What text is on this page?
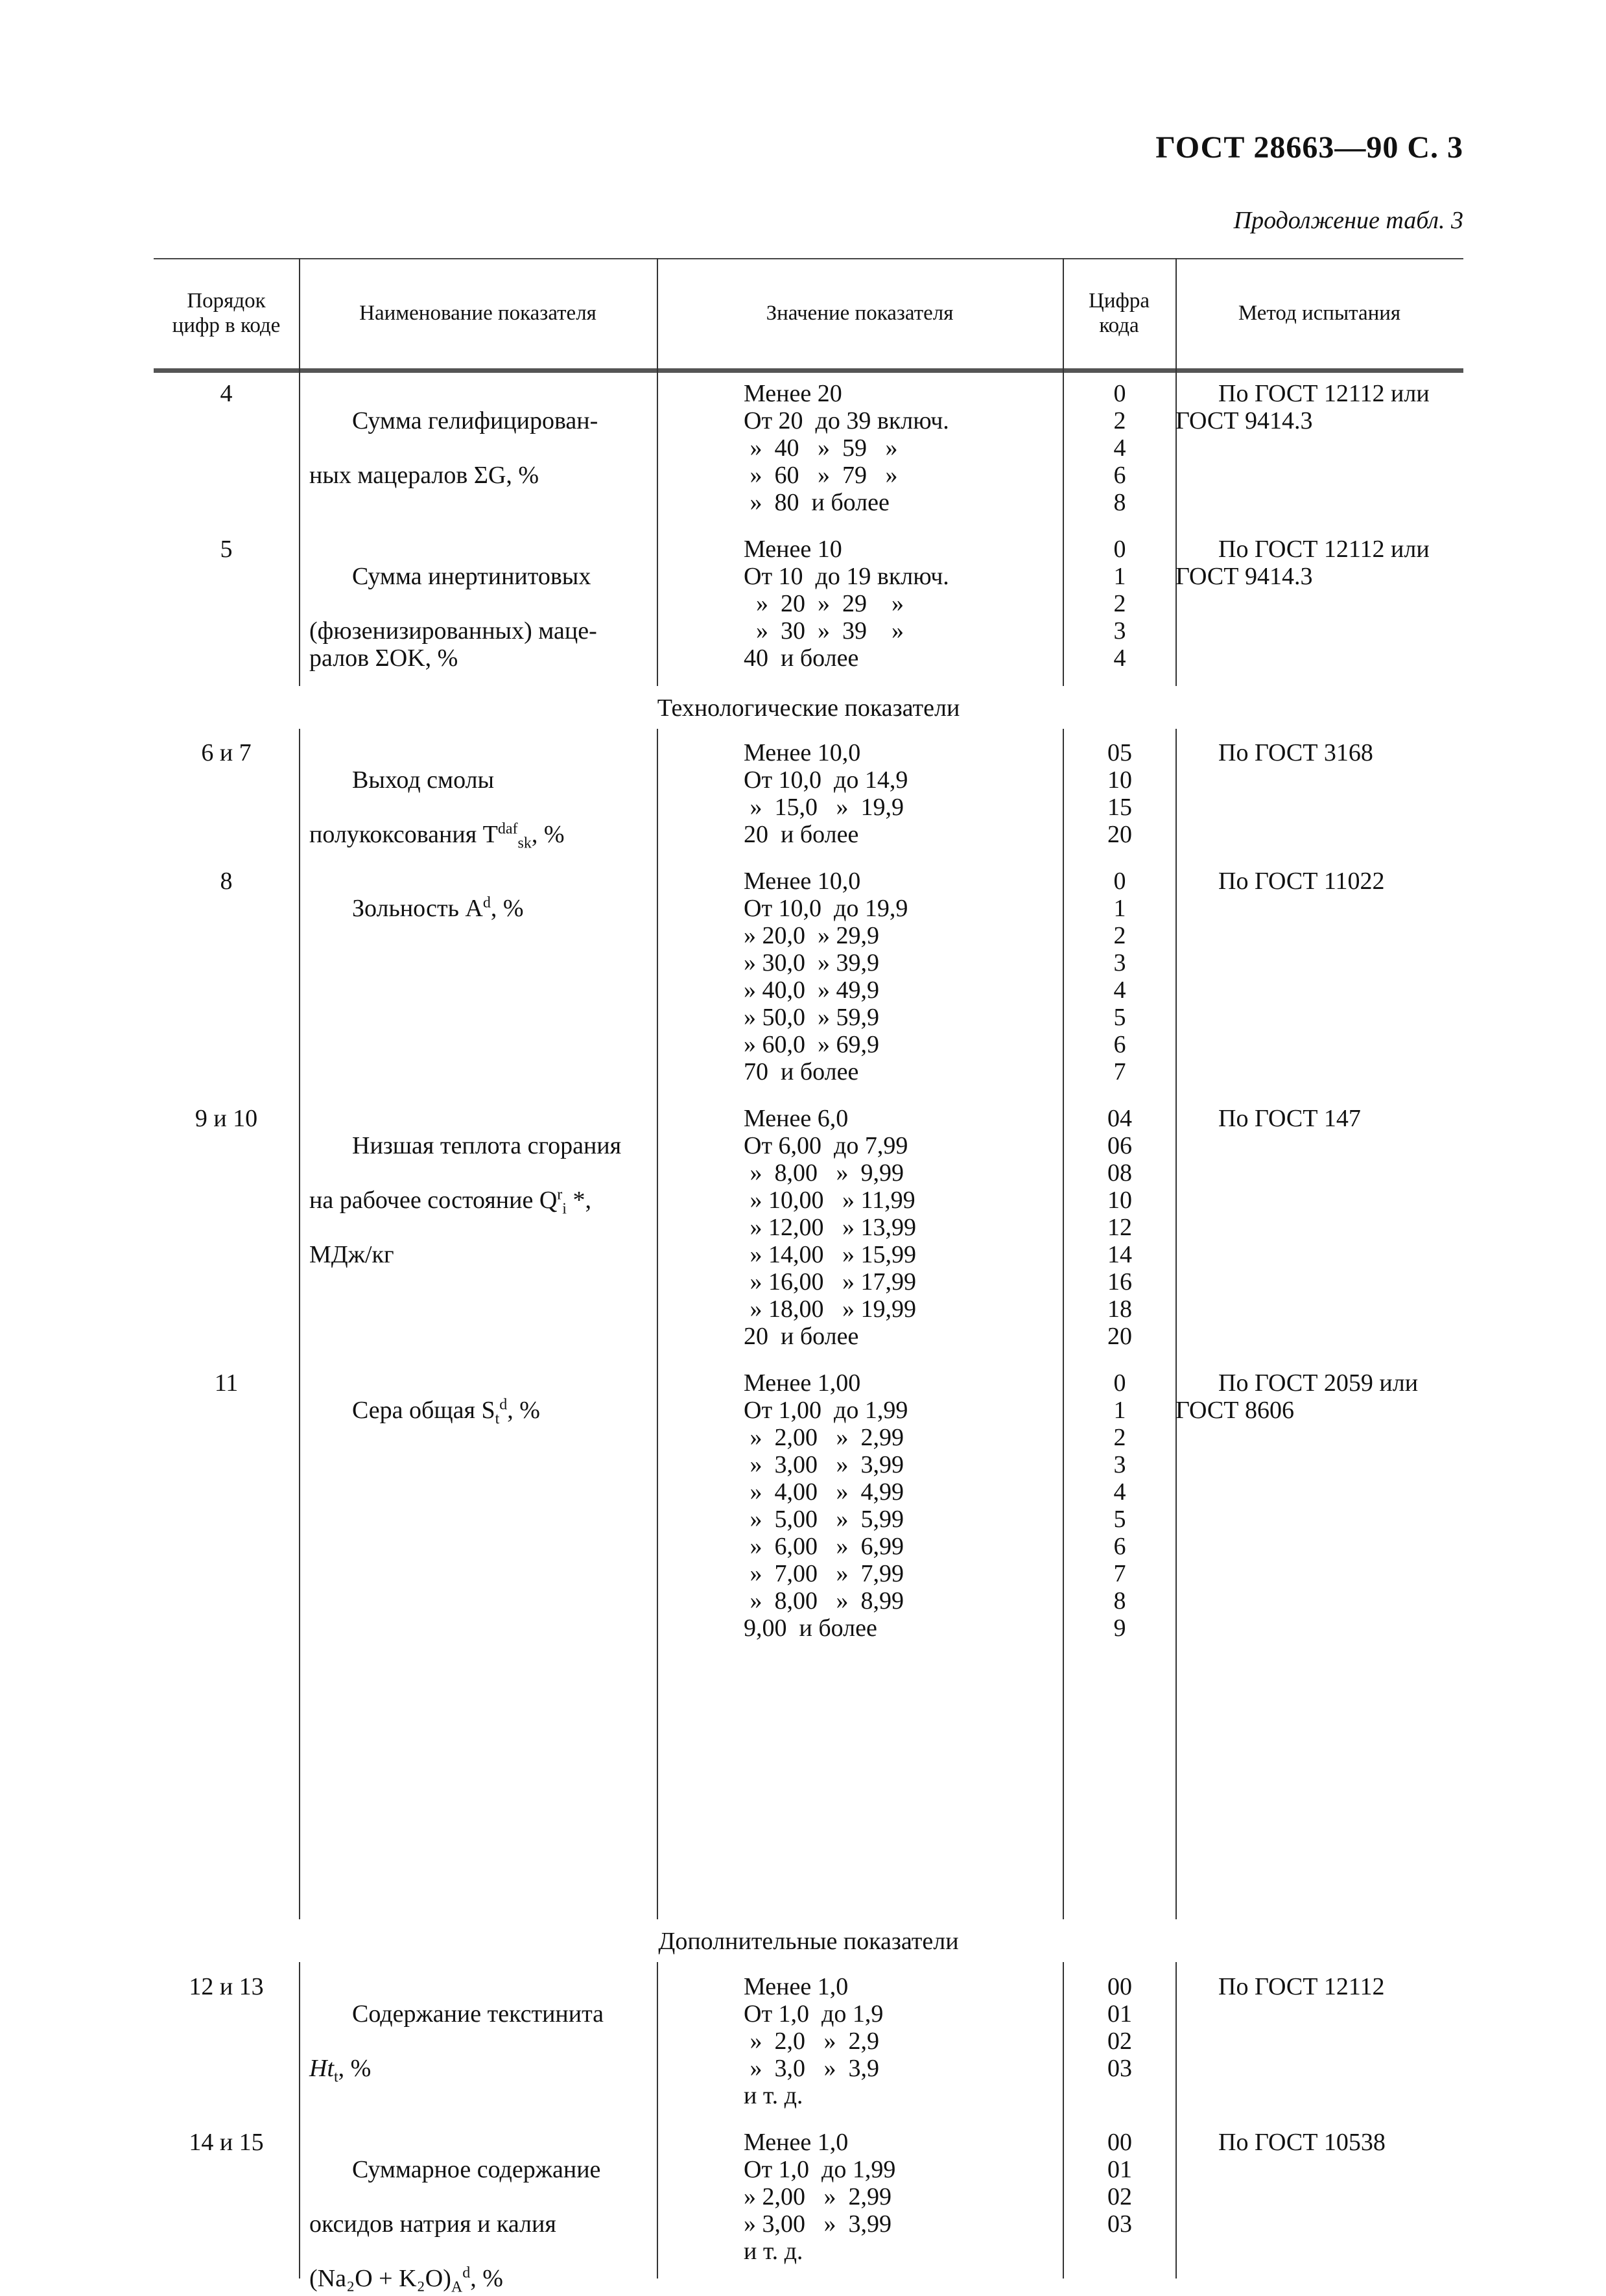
ГОСТ 28663—90 С. 3
Продолжение табл. 3
Порядок цифр в коде
Наименование показателя	Значение показателя
Цифра кода
Метод испытания
4

Сумма гелифицирован-

ных мацералов ΣG, %

Менее 20
От 20  до 39 включ.
»  40   »  59   »
»  60   »  79   »
»  80  и более
0
2
4
6
8
По ГОСТ 12112 или
ГОСТ 9414.3
5

Сумма инертинитовых

(фюзенизированных) маце-
ралов ΣOK, %

Менее 10
От 10  до 19 включ.
»  20  »  29    »
»  30  »  39    »
40  и более
0
1
2
3
4
По ГОСТ 12112 или
ГОСТ 9414.3
Технологические показатели
6 и 7

Выход смолы

полукоксования $T^{daf}_{sk}$, %

Менее 10,0
От 10,0  до 14,9
»  15,0   »  19,9
20  и более
05
10
15
20
По ГОСТ 3168
8

Зольность $A^d$, %

Менее 10,0
От 10,0  до 19,9
» 20,0  » 29,9
» 30,0  » 39,9
» 40,0  » 49,9
» 50,0  » 59,9
» 60,0  » 69,9
70  и более
0
1
2
3
4
5
6
7
По ГОСТ 11022
9 и 10

Низшая теплота сгорания

на рабочее состояние $Q^r_i$ *,

МДж/кг

Менее 6,0
От 6,00  до 7,99
»  8,00   »  9,99
» 10,00   » 11,99
» 12,00   » 13,99
» 14,00   » 15,99
» 16,00   » 17,99
» 18,00   » 19,99
20  и более
04
06
08
10
12
14
16
18
20
По ГОСТ 147
11

Сера общая $S_t^d$, %

Менее 1,00
От 1,00  до 1,99
»  2,00   »  2,99
»  3,00   »  3,99
»  4,00   »  4,99
»  5,00   »  5,99
»  6,00   »  6,99
»  7,00   »  7,99
»  8,00   »  8,99
9,00  и более
0
1
2
3
4
5
6
7
8
9
По ГОСТ 2059 или
ГОСТ 8606
Дополнительные показатели
12 и 13

Содержание текстинита

$Ht_t$, %

Менее 1,0
От 1,0  до 1,9
»  2,0   »  2,9
»  3,0   »  3,9
и т. д.
00
01
02
03
По ГОСТ 12112
14 и 15

Суммарное содержание

оксидов натрия и калия

$(Na_2O + K_2O)_A^d$, %

Менее 1,0
От 1,0  до 1,99
» 2,00   »  2,99
» 3,00   »  3,99
и т. д.
00
01
02
03
По ГОСТ 10538
